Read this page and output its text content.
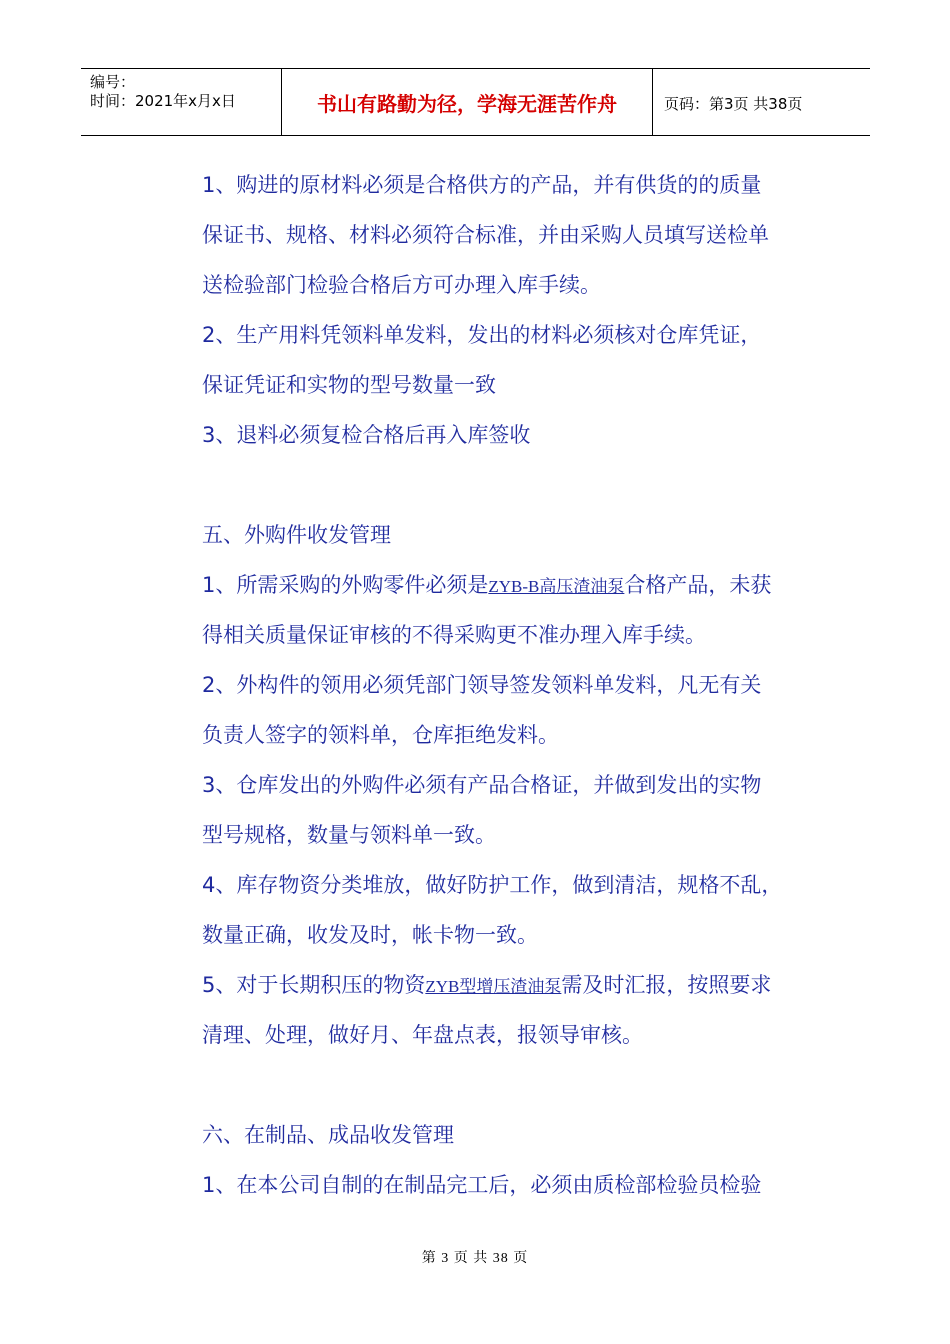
编号：
时间：2021年x月x日	书山有路勤为径，学海无涯苦作舟	页码：第3页 共38页
1、购进的原材料必须是合格供方的产品，并有供货的的质量
保证书、规格、材料必须符合标准，并由采购人员填写送检单
送检验部门检验合格后方可办理入库手续。
2、生产用料凭领料单发料，发出的材料必须核对仓库凭证，
保证凭证和实物的型号数量一致
3、退料必须复检合格后再入库签收
五、外购件收发管理
1、所需采购的外购零件必须是ZYB-B高压渣油泵合格产品，未获
得相关质量保证审核的不得采购更不准办理入库手续。
2、外构件的领用必须凭部门领导签发领料单发料，凡无有关
负责人签字的领料单，仓库拒绝发料。
3、仓库发出的外购件必须有产品合格证，并做到发出的实物
型号规格，数量与领料单一致。
4、库存物资分类堆放，做好防护工作，做到清洁，规格不乱，
数量正确，收发及时，帐卡物一致。
5、对于长期积压的物资ZYB型增压渣油泵需及时汇报，按照要求
清理、处理，做好月、年盘点表，报领导审核。
六、在制品、成品收发管理
1、在本公司自制的在制品完工后，必须由质检部检验员检验
第 3 页 共 38 页
